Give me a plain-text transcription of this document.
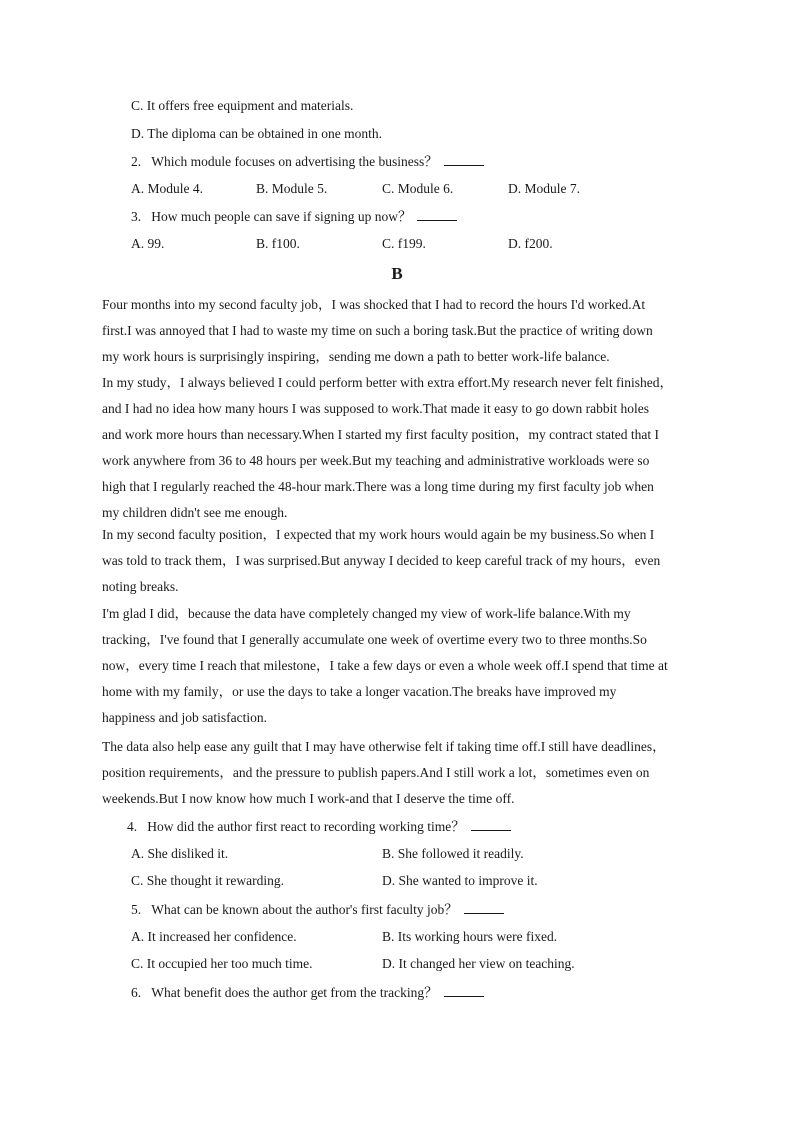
C. It offers free equipment and materials.
D. The diploma can be obtained in one month.
2. Which module focuses on advertising the business？
A. Module 4.	B. Module 5.	C. Module 6.	D. Module 7.
3. How much people can save if signing up now？
A. 99.	B. f100.	C. f199.	D. f200.
B
Four months into my second faculty job，I was shocked that I had to record the hours I'd worked.At
first.I was annoyed that I had to waste my time on such a boring task.But the practice of writing down
my work hours is surprisingly inspiring，sending me down a path to better work-life balance.
In my study，I always believed I could perform better with extra effort.My research never felt finished，
and I had no idea how many hours I was supposed to work.That made it easy to go down rabbit holes
and work more hours than necessary.When I started my first faculty position，my contract stated that I
work anywhere from 36 to 48 hours per week.But my teaching and administrative workloads were so
high that I regularly reached the 48-hour mark.There was a long time during my first faculty job when
my children didn't see me enough.
In my second faculty position，I expected that my work hours would again be my business.So when I
was told to track them，I was surprised.But anyway I decided to keep careful track of my hours，even
noting breaks.
I'm glad I did，because the data have completely changed my view of work-life balance.With my
tracking，I've found that I generally accumulate one week of overtime every two to three months.So
now，every time I reach that milestone，I take a few days or even a whole week off.I spend that time at
home with my family，or use the days to take a longer vacation.The breaks have improved my
happiness and job satisfaction.
The data also help ease any guilt that I may have otherwise felt if taking time off.I still have deadlines，
position requirements，and the pressure to publish papers.And I still work a lot，sometimes even on
weekends.But I now know how much I work-and that I deserve the time off.
4. How did the author first react to recording working time？
A. She disliked it.	B. She followed it readily.
C. She thought it rewarding.	D. She wanted to improve it.
5. What can be known about the author's first faculty job？
A. It increased her confidence.	B. Its working hours were fixed.
C. It occupied her too much time.	D. It changed her view on teaching.
6. What benefit does the author get from the tracking？
